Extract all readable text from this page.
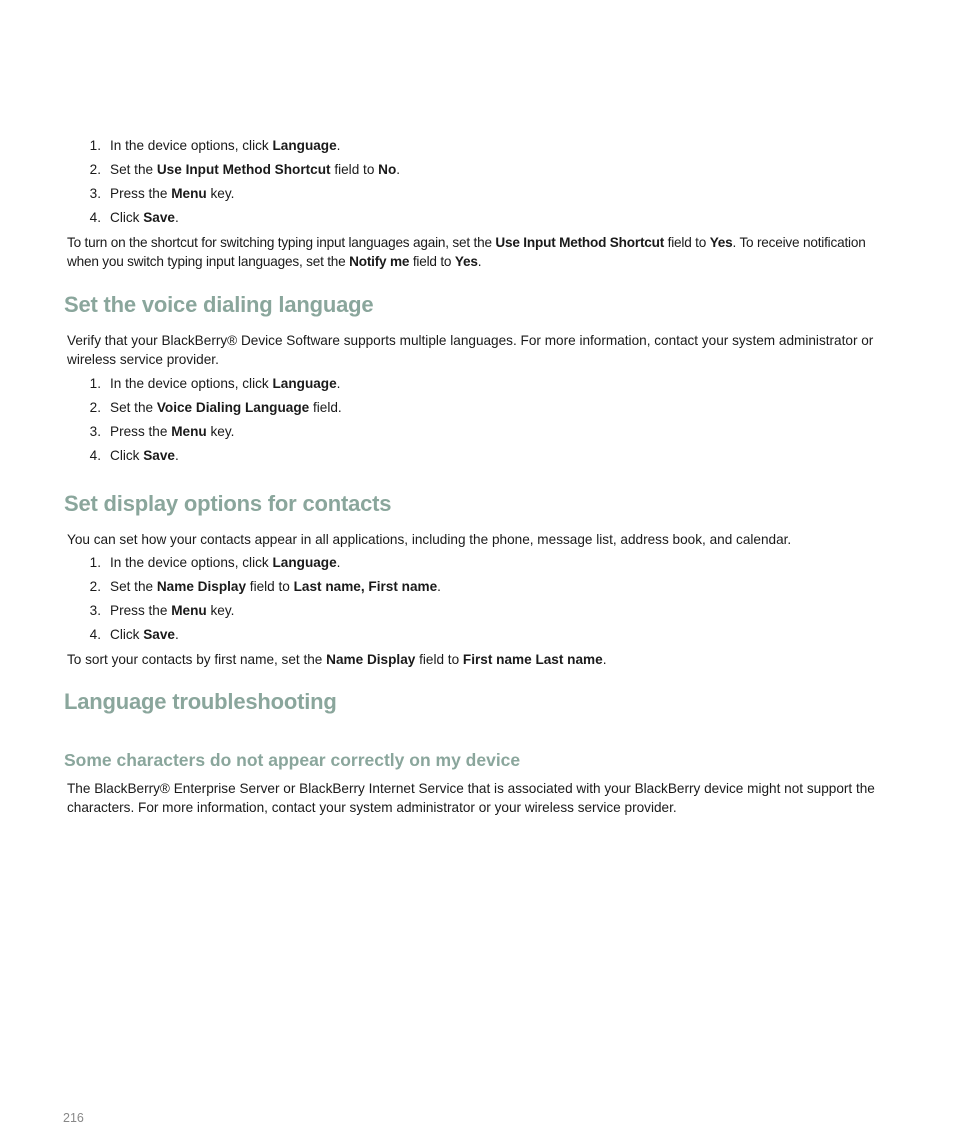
1. In the device options, click Language.
2. Set the Use Input Method Shortcut field to No.
3. Press the Menu key.
4. Click Save.

To turn on the shortcut for switching typing input languages again, set the Use Input Method Shortcut field to Yes. To receive notification when you switch typing input languages, set the Notify me field to Yes.

Set the voice dialing language

Verify that your BlackBerry® Device Software supports multiple languages. For more information, contact your system administrator or wireless service provider.

1. In the device options, click Language.
2. Set the Voice Dialing Language field.
3. Press the Menu key.
4. Click Save.
Set display options for contacts

You can set how your contacts appear in all applications, including the phone, message list, address book, and calendar.

1. In the device options, click Language.
2. Set the Name Display field to Last name, First name.
3. Press the Menu key.
4. Click Save.

To sort your contacts by first name, set the Name Display field to First name Last name.

Language troubleshooting
Some characters do not appear correctly on my device

The BlackBerry® Enterprise Server or BlackBerry Internet Service that is associated with your BlackBerry device might not support the characters. For more information, contact your system administrator or your wireless service provider.

216
